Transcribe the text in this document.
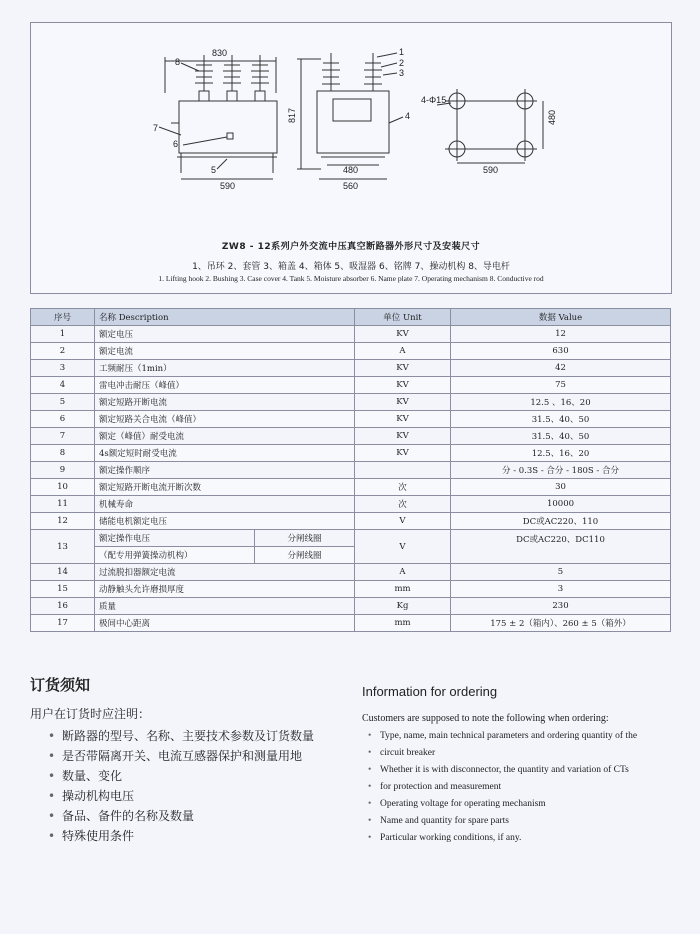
830
590
8
7
6
5
817
480
560
1
2
3
4
4-Φ15
480
590
ZW8 - 12系列户外交流中压真空断路器外形尺寸及安装尺寸
1、吊环 2、套管 3、箱盖 4、箱体 5、吸湿器 6、铭牌 7、操动机构 8、导电杆
1. Lifting hook 2. Bushing 3. Case cover 4. Tank 5. Moisture absorber 6. Name plate 7. Operating mechanism 8. Conductive rod
序号	名称 Description		单位 Unit	数据 Value
1	额定电压		KV	12
2	额定电流		A	630
3	工频耐压（1min）		KV	42
4	雷电冲击耐压（峰值）		KV	75
5	额定短路开断电流		KV	12.5 、16、20
6	额定短路关合电流（峰值）		KV	31.5、40、50
7	额定（峰值）耐受电流		KV	31.5、40、50
8	4s额定短时耐受电流		KV	12.5、16、20
9	额定操作顺序			分 - 0.3S - 合分 - 180S - 合分
10	额定短路开断电流开断次数		次	30
11	机械寿命		次	10000
12	储能电机额定电压		V	DC或AC220、110
13	额定操作电压	分闸线圈	V	DC或AC220、DC110
	（配专用弹簧操动机构）	分闸线圈		
14	过流脱扣器额定电流		A	5
15	动静触头允许磨损厚度		mm	3
16	质量		Kg	230
17	极间中心距离		mm	175 ± 2（箱内）、260 ± 5（箱外）
订货须知
用户在订货时应注明：
• 断路器的型号、名称、主要技术参数及订货数量
• 是否带隔离开关、电流互感器保护和测量用地
• 数量、变化
• 操动机构电压
• 备品、备件的名称及数量
• 特殊使用条件
Information for ordering
Customers are supposed to note the following when ordering:
• Type, name, main technical parameters and ordering quantity of the
• circuit breaker
• Whether it is with disconnector, the quantity and variation of CTs
• for protection and measurement
• Operating voltage for operating mechanism
• Name and quantity for spare parts
• Particular working conditions, if any.
